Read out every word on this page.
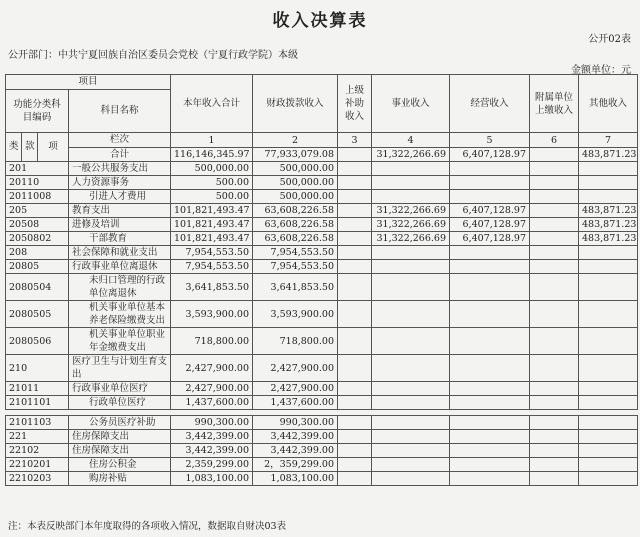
收入决算表
公开02表
公开部门：中共宁夏回族自治区委员会党校（宁夏行政学院）本级
金额单位：元
项目				本年收入合计	财政拨款收入	上级补助收入	事业收入	经营收入	附属单位上缴收入	其他收入
功能分类科目编码			科目名称							
类	款	项	栏次	1	2	3	4	5	6	7
			合计	116,146,345.97	77,933,079.08		31,322,266.69	6,407,128.97		483,871.23
201			一般公共服务支出	500,000.00	500,000.00					
20110			人力资源事务	500.00	500,000.00					
2011008			引进人才费用	500.00	500,000.00					
205			教育支出	101,821,493.47	63,608,226.58		31,322,266.69	6,407,128.97		483,871.23
20508			进修及培训	101,821,493.47	63,608,226.58		31,322,266.69	6,407,128.97		483,871.23
2050802			干部教育	101,821,493.47	63,608,226.58		31,322,266.69	6,407,128.97		483,871.23
208			社会保障和就业支出	7,954,553.50	7,954,553.50					
20805			行政事业单位离退休	7,954,553.50	7,954,553.50					
2080504			未归口管理的行政单位离退休	3,641,853.50	3,641,853.50					
2080505			机关事业单位基本养老保险缴费支出	3,593,900.00	3,593,900.00					
2080506			机关事业单位职业年金缴费支出	718,800.00	718,800.00					
210			医疗卫生与计划生育支出	2,427,900.00	2,427,900.00					
21011			行政事业单位医疗	2,427,900.00	2,427,900.00					
2101101			行政单位医疗	1,437,600.00	1,437,600.00					

2101103			公务员医疗补助	990,300.00	990,300.00					
221			住房保障支出	3,442,399.00	3,442,399.00					
22102			住房保障支出	3,442,399.00	3,442,399.00					
2210201			住房公积金	2,359,299.00	2，359,299.00					
2210203			购房补贴	1,083,100.00	1,083,100.00					
注：本表反映部门本年度取得的各项收入情况，数据取自财决03表
